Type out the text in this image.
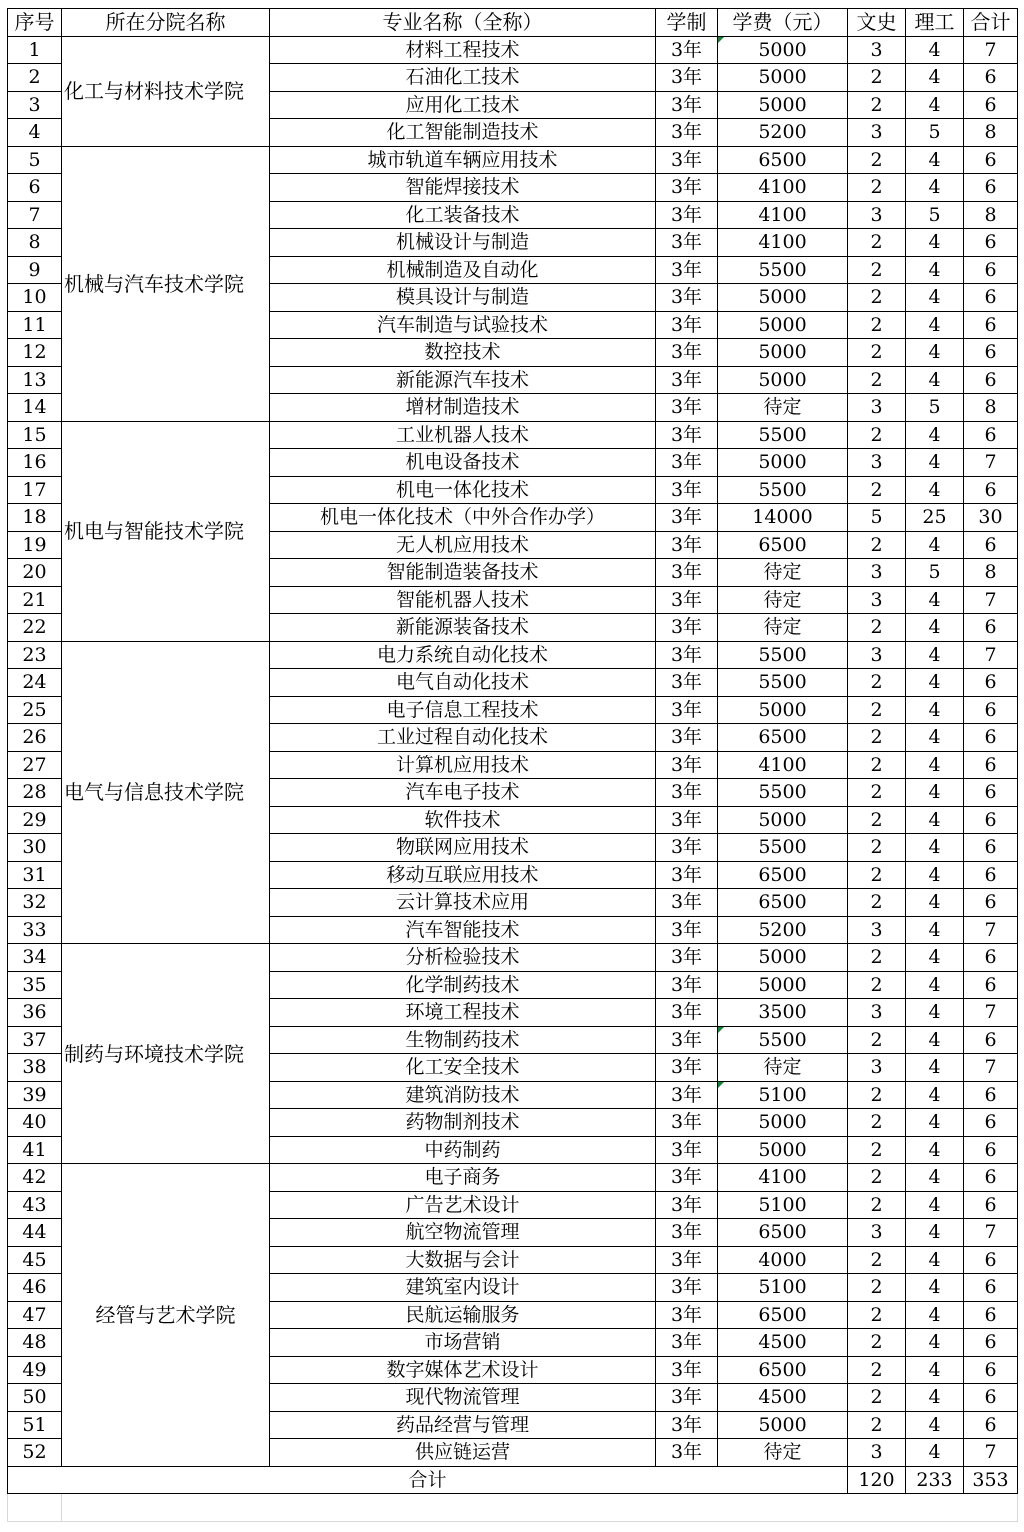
序号	所在分院名称	专业名称（全称）	学制	学费（元）	文史	理工	合计
1	化工与材料技术学院	材料工程技术	3年	5000	3	4	7
2		石油化工技术	3年	5000	2	4	6
3		应用化工技术	3年	5000	2	4	6
4		化工智能制造技术	3年	5200	3	5	8
5	机械与汽车技术学院	城市轨道车辆应用技术	3年	6500	2	4	6
6		智能焊接技术	3年	4100	2	4	6
7		化工装备技术	3年	4100	3	5	8
8		机械设计与制造	3年	4100	2	4	6
9		机械制造及自动化	3年	5500	2	4	6
10		模具设计与制造	3年	5000	2	4	6
11		汽车制造与试验技术	3年	5000	2	4	6
12		数控技术	3年	5000	2	4	6
13		新能源汽车技术	3年	5000	2	4	6
14		增材制造技术	3年	待定	3	5	8
15	机电与智能技术学院	工业机器人技术	3年	5500	2	4	6
16		机电设备技术	3年	5000	3	4	7
17		机电一体化技术	3年	5500	2	4	6
18		机电一体化技术（中外合作办学）	3年	14000	5	25	30
19		无人机应用技术	3年	6500	2	4	6
20		智能制造装备技术	3年	待定	3	5	8
21		智能机器人技术	3年	待定	3	4	7
22		新能源装备技术	3年	待定	2	4	6
23	电气与信息技术学院	电力系统自动化技术	3年	5500	3	4	7
24		电气自动化技术	3年	5500	2	4	6
25		电子信息工程技术	3年	5000	2	4	6
26		工业过程自动化技术	3年	6500	2	4	6
27		计算机应用技术	3年	4100	2	4	6
28		汽车电子技术	3年	5500	2	4	6
29		软件技术	3年	5000	2	4	6
30		物联网应用技术	3年	5500	2	4	6
31		移动互联应用技术	3年	6500	2	4	6
32		云计算技术应用	3年	6500	2	4	6
33		汽车智能技术	3年	5200	3	4	7
34	制药与环境技术学院	分析检验技术	3年	5000	2	4	6
35		化学制药技术	3年	5000	2	4	6
36		环境工程技术	3年	3500	3	4	7
37		生物制药技术	3年	5500	2	4	6
38		化工安全技术	3年	待定	3	4	7
39		建筑消防技术	3年	5100	2	4	6
40		药物制剂技术	3年	5000	2	4	6
41		中药制药	3年	5000	2	4	6
42	经管与艺术学院	电子商务	3年	4100	2	4	6
43		广告艺术设计	3年	5100	2	4	6
44		航空物流管理	3年	6500	3	4	7
45		大数据与会计	3年	4000	2	4	6
46		建筑室内设计	3年	5100	2	4	6
47		民航运输服务	3年	6500	2	4	6
48		市场营销	3年	4500	2	4	6
49		数字媒体艺术设计	3年	6500	2	4	6
50		现代物流管理	3年	4500	2	4	6
51		药品经营与管理	3年	5000	2	4	6
52		供应链运营	3年	待定	3	4	7
合计					120	233	353
